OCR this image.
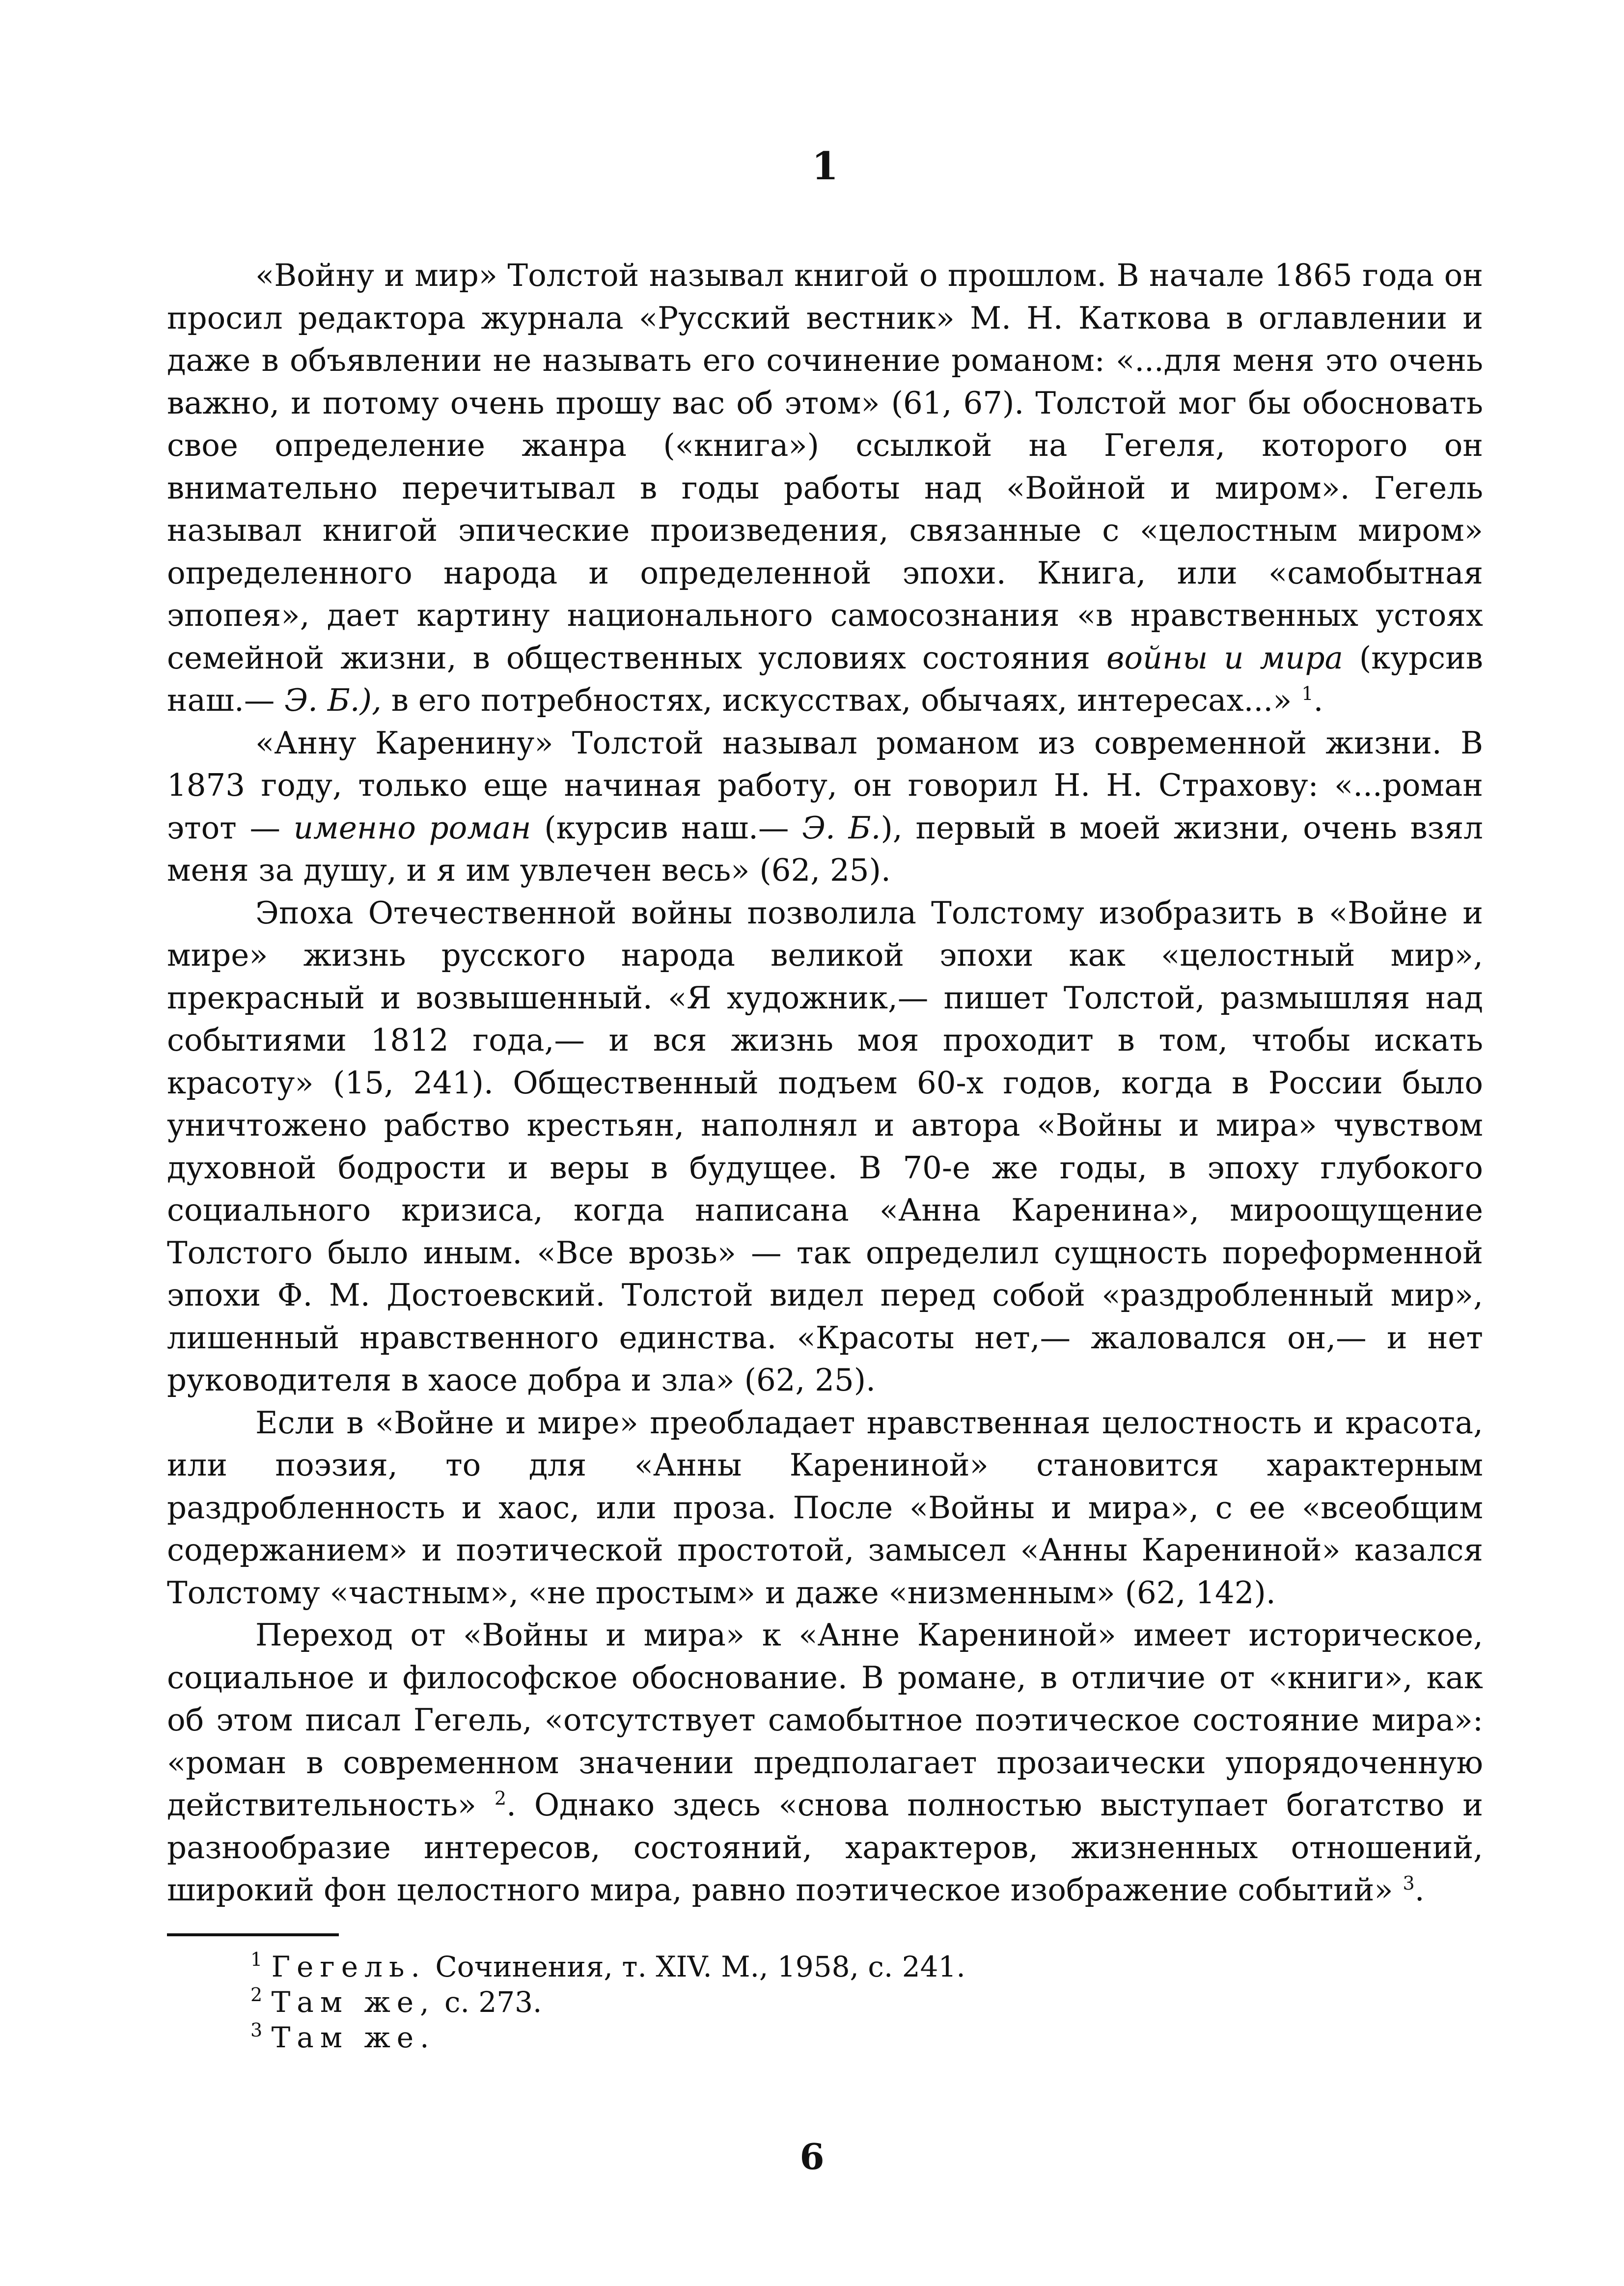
1

«Войну и мир» Толстой называл книгой о прошлом. В начале 1865 года он просил редактора журнала «Русский вестник» М. Н. Каткова в оглавлении и даже в объявлении не называть его сочинение романом: «...для меня это очень важно, и потому очень прошу вас об этом» (61, 67). Толстой мог бы обосновать свое определение жанра («книга») ссылкой на Гегеля, которого он внимательно перечитывал в годы работы над «Войной и миром». Гегель называл книгой эпические произведения, связанные с «целостным миром» определенного народа и определенной эпохи. Книга, или «самобытная эпопея», дает картину национального самосознания «в нравственных устоях семейной жизни, в общественных условиях состояния войны и мира (курсив наш.— Э. Б.), в его потребностях, искусствах, обычаях, интересах...» $^1$.

«Анну Каренину» Толстой называл романом из современной жизни. В 1873 году, только еще начиная работу, он говорил Н. Н. Страхову: «...роман этот — именно роман (курсив наш.— Э. Б.), первый в моей жизни, очень взял меня за душу, и я им увлечен весь» (62, 25).

Эпоха Отечественной войны позволила Толстому изобразить в «Войне и мире» жизнь русского народа великой эпохи как «целостный мир», прекрасный и возвышенный. «Я художник,— пишет Толстой, размышляя над событиями 1812 года,— и вся жизнь моя проходит в том, чтобы искать красоту» (15, 241). Общественный подъем 60-х годов, когда в России было уничтожено рабство крестьян, наполнял и автора «Войны и мира» чувством духовной бодрости и веры в будущее. В 70-е же годы, в эпоху глубокого социального кризиса, когда написана «Анна Каренина», мироощущение Толстого было иным. «Все врозь» — так определил сущность пореформенной эпохи Ф. М. Достоевский. Толстой видел перед собой «раздробленный мир», лишенный нравственного единства. «Красоты нет,— жаловался он,— и нет руководителя в хаосе добра и зла» (62, 25).

Если в «Войне и мире» преобладает нравственная целостность и красота, или поэзия, то для «Анны Карениной» становится характерным раздробленность и хаос, или проза. После «Войны и мира», с ее «всеобщим содержанием» и поэтической простотой, замысел «Анны Карениной» казался Толстому «частным», «не простым» и даже «низменным» (62, 142).

Переход от «Войны и мира» к «Анне Карениной» имеет историческое, социальное и философское обоснование. В романе, в отличие от «книги», как об этом писал Гегель, «отсутствует самобытное поэтическое состояние мира»: «роман в современном значении предполагает прозаически упорядоченную действительность» $^2$. Однако здесь «снова полностью выступает богатство и разнообразие интересов, состояний, характеров, жизненных отношений, широкий фон целостного мира, равно поэтическое изображение событий» $^3$.

$^1$ Гегель. Сочинения, т. XIV. М., 1958, с. 241.
$^2$ Там же, с. 273.
$^3$ Там же.
6
